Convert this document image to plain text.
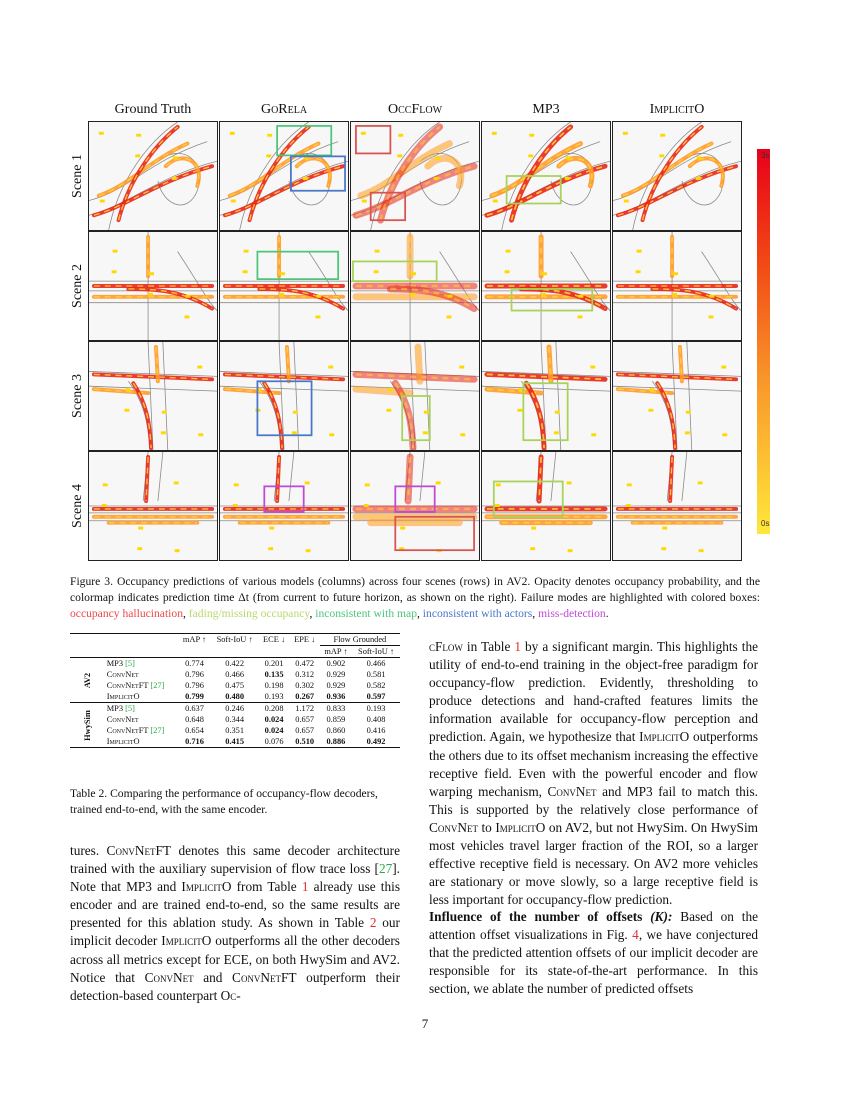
Ground Truth	GoRela	OccFlow	MP3	ImplicitO
Scene 1
Scene 2
Scene 3
Scene 4
3s
0s
Figure 3. Occupancy predictions of various models (columns) across four scenes (rows) in AV2. Opacity denotes occupancy probability, and the colormap indicates prediction time Δt (from current to future horizon, as shown on the right). Failure modes are highlighted with colored boxes: occupancy hallucination, fading/missing occupancy, inconsistent with map, inconsistent with actors, miss-detection.
		mAP ↑	Soft-IoU ↑	ECE ↓	EPE ↓	Flow Grounded	
						mAP ↑	Soft-IoU ↑
AV2	MP3 [5]	0.774	0.422	0.201	0.472	0.902	0.466
	ConvNet	0.796	0.466	0.135	0.312	0.929	0.581
	ConvNetFT [27]	0.796	0.475	0.198	0.302	0.929	0.582
	ImplicitO	0.799	0.480	0.193	0.267	0.936	0.597
HwySim	MP3 [5]	0.637	0.246	0.208	1.172	0.833	0.193
	ConvNet	0.648	0.344	0.024	0.657	0.859	0.408
	ConvNetFT [27]	0.654	0.351	0.024	0.657	0.860	0.416
	ImplicitO	0.716	0.415	0.076	0.510	0.886	0.492
Table 2. Comparing the performance of occupancy-flow decoders, trained end-to-end, with the same encoder.
tures. ConvNetFT denotes this same decoder architecture trained with the auxiliary supervision of flow trace loss [27]. Note that MP3 and ImplicitO from Table 1 already use this encoder and are trained end-to-end, so the same results are presented for this ablation study. As shown in Table 2 our implicit decoder ImplicitO outperforms all the other decoders across all metrics except for ECE, on both HwySim and AV2. Notice that ConvNet and ConvNetFT outperform their detection-based counterpart Oc-
cFlow in Table 1 by a significant margin. This highlights the utility of end-to-end training in the object-free paradigm for occupancy-flow prediction. Evidently, thresholding to produce detections and hand-crafted features limits the information available for occupancy-flow perception and prediction. Again, we hypothesize that ImplicitO outperforms the others due to its offset mechanism increasing the effective receptive field. Even with the powerful encoder and flow warping mechanism, ConvNet and MP3 fail to match this. This is supported by the relatively close performance of ConvNet to ImplicitO on AV2, but not HwySim. On HwySim most vehicles travel larger fraction of the ROI, so a larger effective receptive field is necessary. On AV2 more vehicles are stationary or move slowly, so a large receptive field is less important for occupancy-flow prediction.
Influence of the number of offsets (K): Based on the attention offset visualizations in Fig. 4, we have conjectured that the predicted attention offsets of our implicit decoder are responsible for its state-of-the-art performance. In this section, we ablate the number of predicted offsets
7
